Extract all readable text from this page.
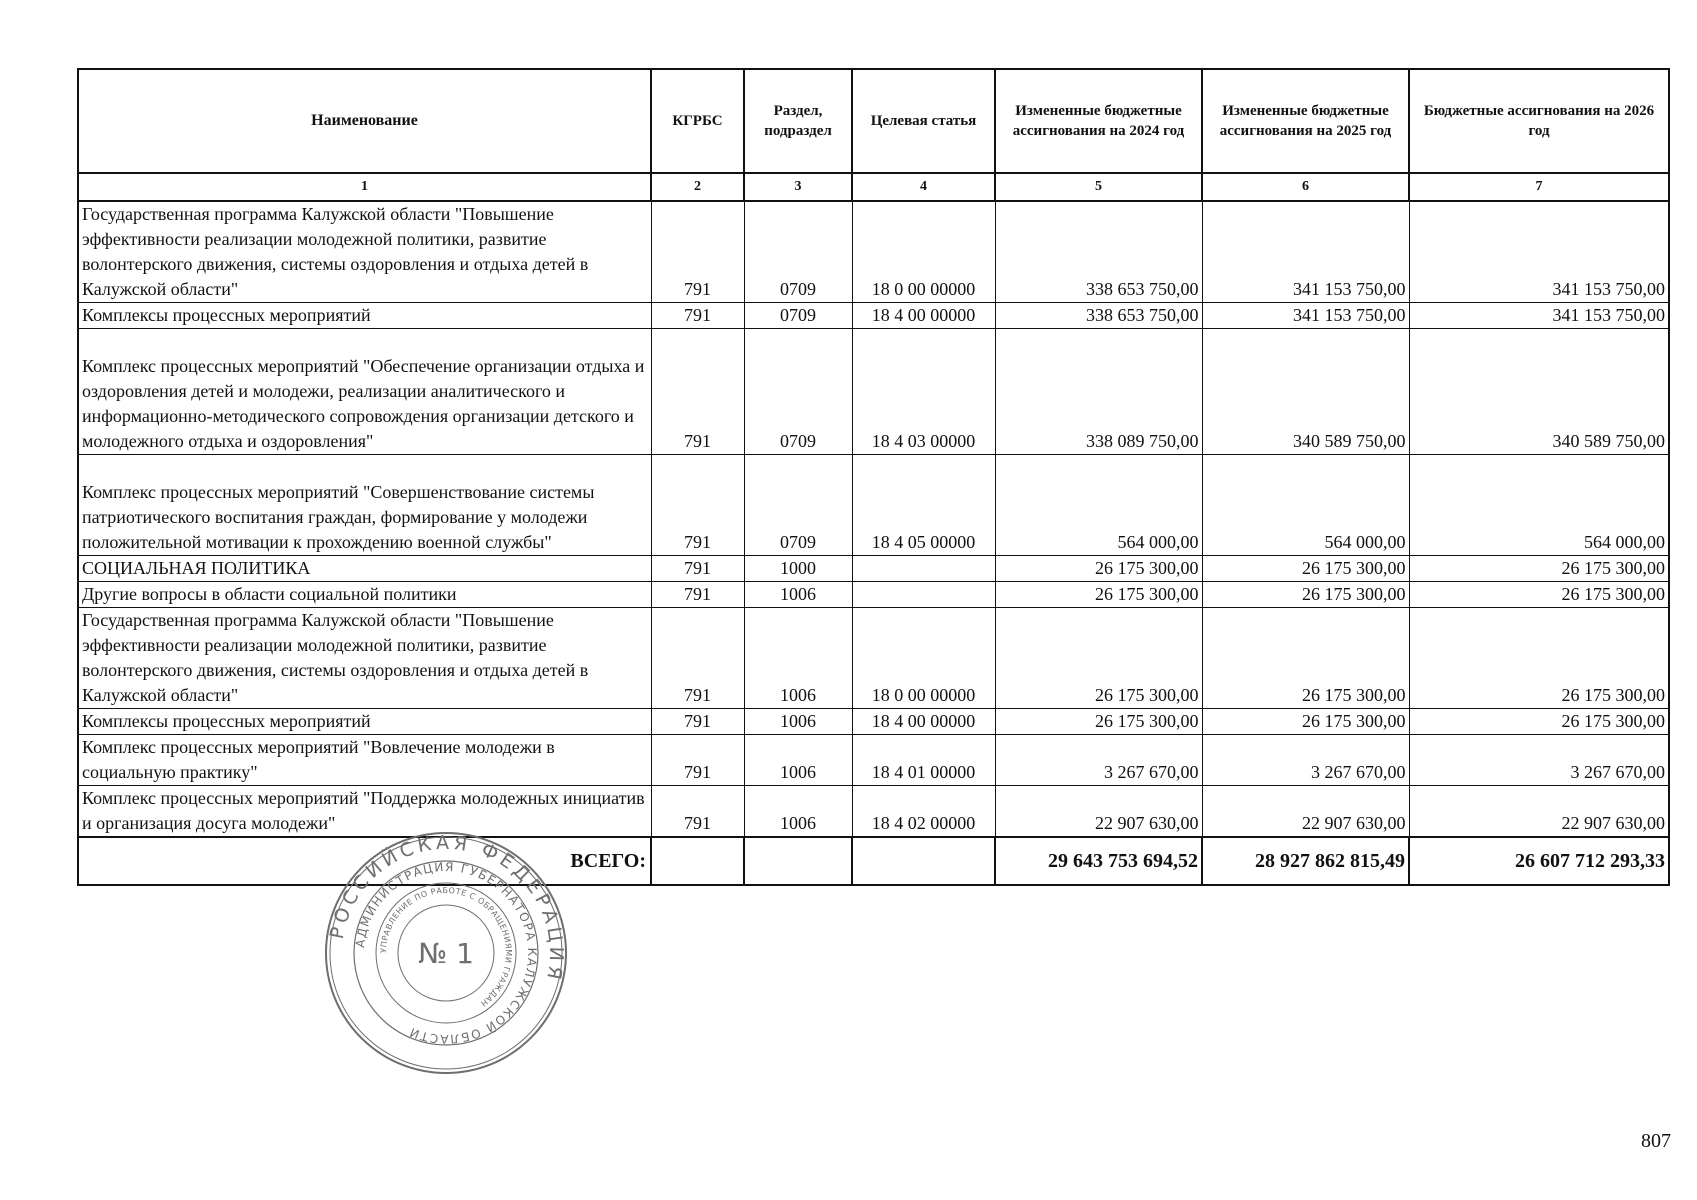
Наименование	КГРБС	Раздел, подраздел	Целевая статья	Измененные бюджетные ассигнования на 2024 год	Измененные бюджетные ассигнования на 2025 год	Бюджетные ассигнования на 2026 год
1	2	3	4	5	6	7
Государственная программа Калужской области "Повышение эффективности реализации молодежной политики, развитие волонтерского движения, системы оздоровления и отдыха детей в Калужской области"	791	0709	18 0 00 00000	338 653 750,00	341 153 750,00	341 153 750,00
Комплексы процессных мероприятий	791	0709	18 4 00 00000	338 653 750,00	341 153 750,00	341 153 750,00

Комплекс процессных мероприятий "Обеспечение организации отдыха и оздоровления детей и молодежи, реализации аналитического и информационно-методического сопровождения организации детского и молодежного отдыха и оздоровления"	791	0709	18 4 03 00000	338 089 750,00	340 589 750,00	340 589 750,00

Комплекс процессных мероприятий "Совершенствование системы патриотического воспитания граждан, формирование у молодежи положительной мотивации к прохождению военной службы"	791	0709	18 4 05 00000	564 000,00	564 000,00	564 000,00
СОЦИАЛЬНАЯ ПОЛИТИКА	791	1000		26 175 300,00	26 175 300,00	26 175 300,00
Другие вопросы в области социальной политики	791	1006		26 175 300,00	26 175 300,00	26 175 300,00
Государственная программа Калужской области "Повышение эффективности реализации молодежной политики, развитие волонтерского движения, системы оздоровления и отдыха детей в Калужской области"	791	1006	18 0 00 00000	26 175 300,00	26 175 300,00	26 175 300,00
Комплексы процессных мероприятий	791	1006	18 4 00 00000	26 175 300,00	26 175 300,00	26 175 300,00
Комплекс процессных мероприятий "Вовлечение молодежи в социальную практику"	791	1006	18 4 01 00000	3 267 670,00	3 267 670,00	3 267 670,00
Комплекс процессных мероприятий "Поддержка молодежных инициатив и организация досуга молодежи"	791	1006	18 4 02 00000	22 907 630,00	22 907 630,00	22 907 630,00
ВСЕГО:				29 643 753 694,52	28 927 862 815,49	26 607 712 293,33
РОССИЙСКАЯ ФЕДЕРАЦИЯ
АДМИНИСТРАЦИЯ ГУБЕРНАТОРА КАЛУЖСКОЙ ОБЛАСТИ
УПРАВЛЕНИЕ ПО РАБОТЕ С ОБРАЩЕНИЯМИ ГРАЖДАН
№ 1
807
